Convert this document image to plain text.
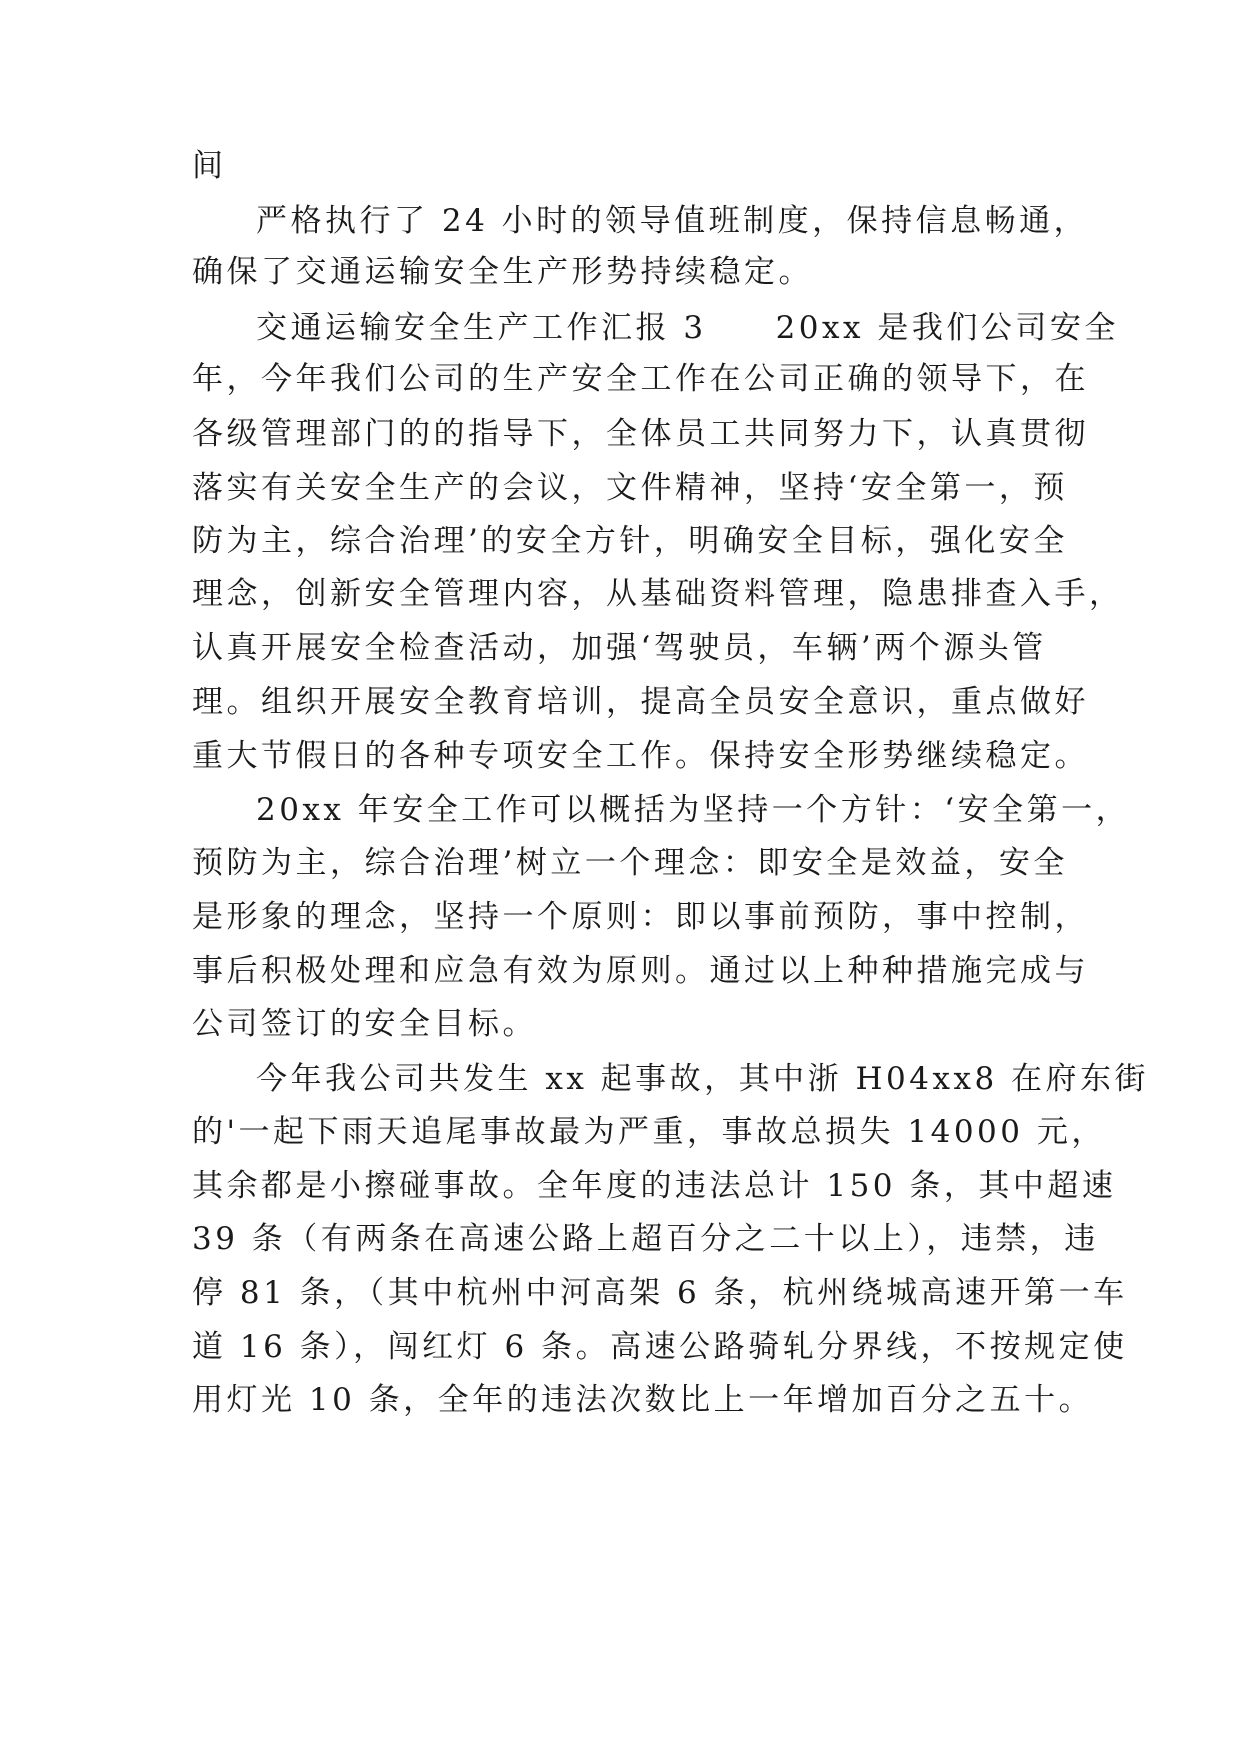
间
严格执行了 24 小时的领导值班制度，保持信息畅通，
确保了交通运输安全生产形势持续稳定。
交通运输安全生产工作汇报 3　　20xx 是我们公司安全
年，今年我们公司的生产安全工作在公司正确的领导下，在
各级管理部门的的指导下，全体员工共同努力下，认真贯彻
落实有关安全生产的会议，文件精神，坚持‘安全第一，预
防为主，综合治理’的安全方针，明确安全目标，强化安全
理念，创新安全管理内容，从基础资料管理，隐患排查入手，
认真开展安全检查活动，加强‘驾驶员，车辆’两个源头管
理。组织开展安全教育培训，提高全员安全意识，重点做好
重大节假日的各种专项安全工作。保持安全形势继续稳定。
20xx 年安全工作可以概括为坚持一个方针：‘安全第一，
预防为主，综合治理’树立一个理念：即安全是效益，安全
是形象的理念，坚持一个原则：即以事前预防，事中控制，
事后积极处理和应急有效为原则。通过以上种种措施完成与
公司签订的安全目标。
今年我公司共发生 xx 起事故，其中浙 H04xx8 在府东街
的'一起下雨天追尾事故最为严重，事故总损失 14000 元，
其余都是小擦碰事故。全年度的违法总计 150 条，其中超速
39 条（有两条在高速公路上超百分之二十以上），违禁，违
停 81 条，（其中杭州中河高架 6 条，杭州绕城高速开第一车
道 16 条），闯红灯 6 条。高速公路骑轧分界线，不按规定使
用灯光 10 条，全年的违法次数比上一年增加百分之五十。
